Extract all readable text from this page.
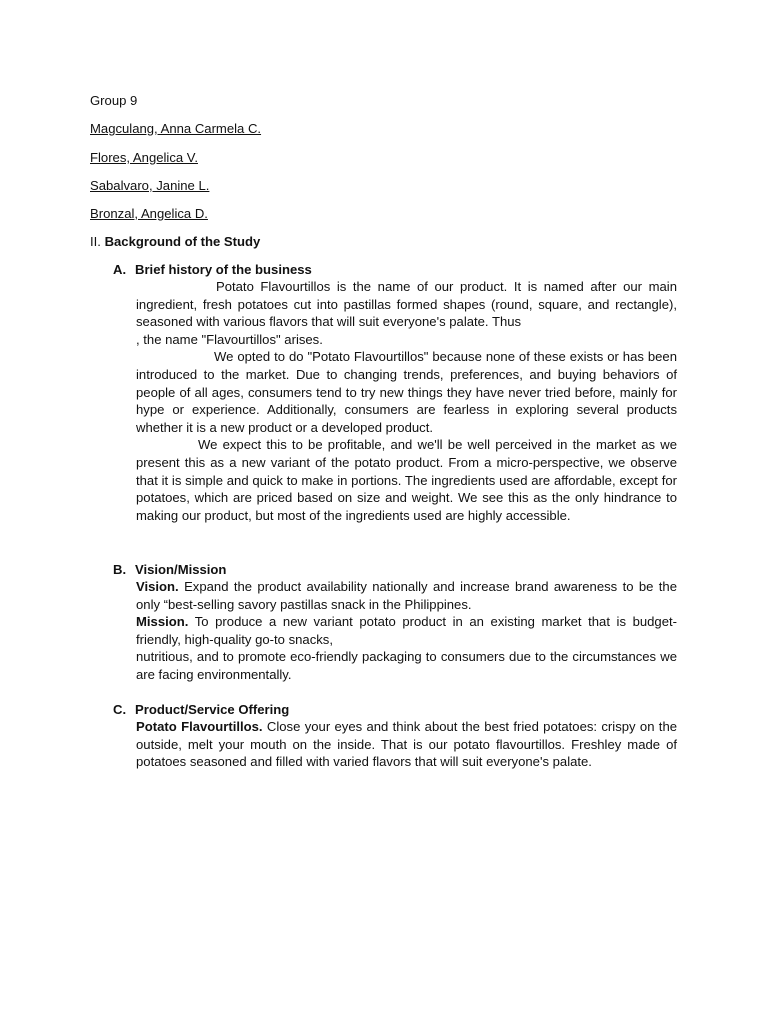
Group 9

Magculang, Anna Carmela C.

Flores, Angelica V.

Sabalvaro, Janine L.

Bronzal, Angelica D.

II. Background of the Study

A. Brief history of the business

Potato Flavourtillos is the name of our product. It is named after our main ingredient, fresh potatoes cut into pastillas formed shapes (round, square, and rectangle), seasoned with various flavors that will suit everyone's palate. Thus

, the name "Flavourtillos" arises.

We opted to do "Potato Flavourtillos" because none of these exists or has been introduced to the market. Due to changing trends, preferences, and buying behaviors of people of all ages, consumers tend to try new things they have never tried before, mainly for hype or experience. Additionally, consumers are fearless in exploring several products whether it is a new product or a developed product.

We expect this to be profitable, and we'll be well perceived in the market as we present this as a new variant of the potato product. From a micro-perspective, we observe that it is simple and quick to make in portions. The ingredients used are affordable, except for potatoes, which are priced based on size and weight. We see this as the only hindrance to making our product, but most of the ingredients used are highly accessible.

B. Vision/Mission

Vision. Expand the product availability nationally and increase brand awareness to be the only “best-selling savory pastillas snack in the Philippines.

Mission. To produce a new variant potato product in an existing market that is budget-friendly, high-quality go-to snacks,

nutritious, and to promote eco-friendly packaging to consumers due to the circumstances we are facing environmentally.

C. Product/Service Offering

Potato Flavourtillos. Close your eyes and think about the best fried potatoes: crispy on the outside, melt your mouth on the inside. That is our potato flavourtillos. Freshley made of potatoes seasoned and filled with varied flavors that will suit everyone's palate.
